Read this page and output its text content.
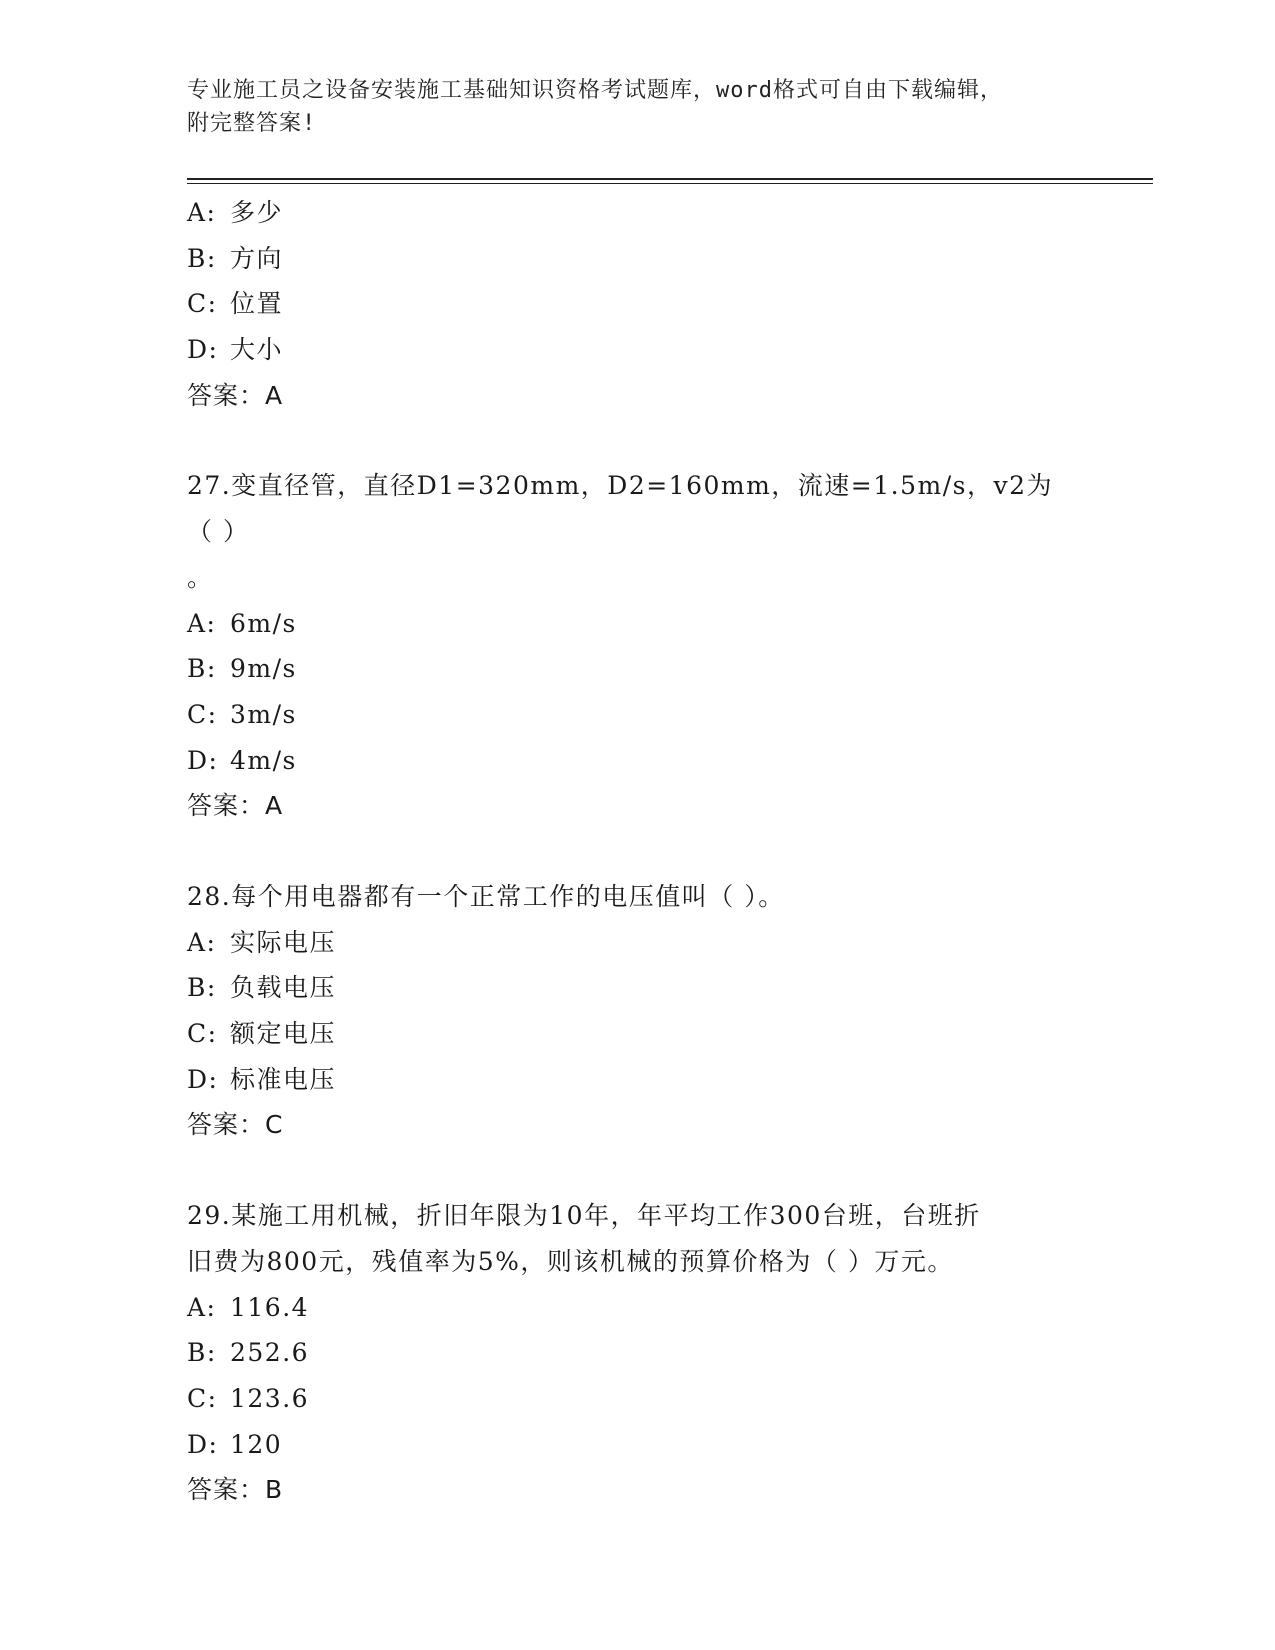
专业施工员之设备安装施工基础知识资格考试题库，word格式可自由下载编辑，
附完整答案!
A: 多少
B: 方向
C: 位置
D: 大小
答案：A
27.变直径管，直径D1=320mm，D2=160mm，流速=1.5m/s，v2为（ ）
。
A: 6m/s
B: 9m/s
C: 3m/s
D: 4m/s
答案：A
28.每个用电器都有一个正常工作的电压值叫（ ）。
A: 实际电压
B: 负载电压
C: 额定电压
D: 标准电压
答案：C
29.某施工用机械，折旧年限为10年，年平均工作300台班，台班折
旧费为800元，残值率为5%，则该机械的预算价格为（ ）万元。
A: 116.4
B: 252.6
C: 123.6
D: 120
答案：B
